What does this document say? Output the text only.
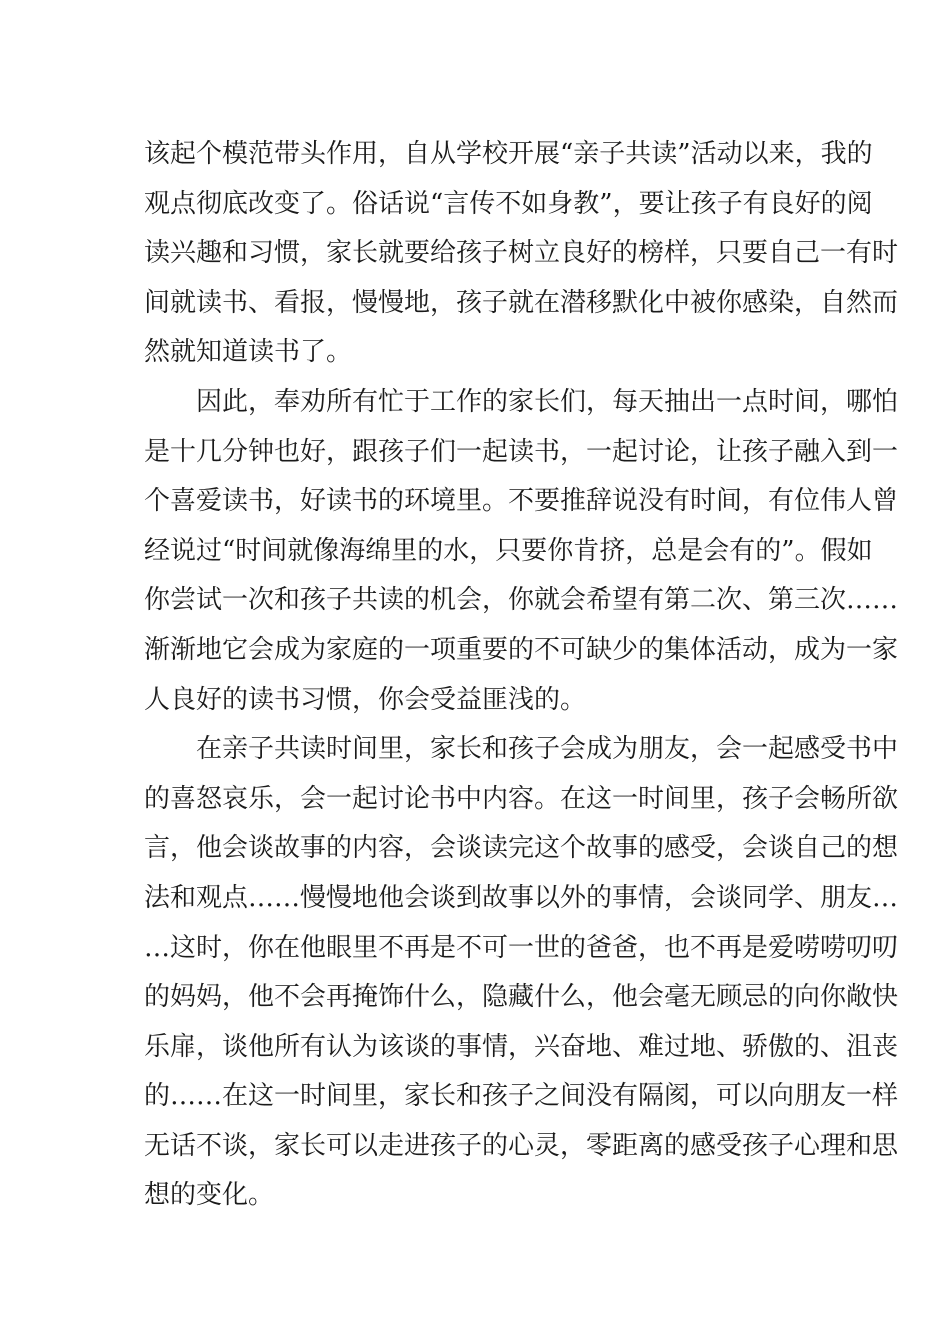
该起个模范带头作用，自从学校开展“亲子共读”活动以来，我的
观点彻底改变了。俗话说“言传不如身教”，要让孩子有良好的阅
读兴趣和习惯，家长就要给孩子树立良好的榜样，只要自己一有时
间就读书、看报，慢慢地，孩子就在潜移默化中被你感染，自然而
然就知道读书了。
因此，奉劝所有忙于工作的家长们，每天抽出一点时间，哪怕
是十几分钟也好，跟孩子们一起读书，一起讨论，让孩子融入到一
个喜爱读书，好读书的环境里。不要推辞说没有时间，有位伟人曾
经说过“时间就像海绵里的水，只要你肯挤，总是会有的”。假如
你尝试一次和孩子共读的机会，你就会希望有第二次、第三次……
渐渐地它会成为家庭的一项重要的不可缺少的集体活动，成为一家
人良好的读书习惯，你会受益匪浅的。
在亲子共读时间里，家长和孩子会成为朋友，会一起感受书中
的喜怒哀乐，会一起讨论书中内容。在这一时间里，孩子会畅所欲
言，他会谈故事的内容，会谈读完这个故事的感受，会谈自己的想
法和观点……慢慢地他会谈到故事以外的事情，会谈同学、朋友…
…这时，你在他眼里不再是不可一世的爸爸，也不再是爱唠唠叨叨
的妈妈，他不会再掩饰什么，隐藏什么，他会毫无顾忌的向你敞快
乐扉，谈他所有认为该谈的事情，兴奋地、难过地、骄傲的、沮丧
的……在这一时间里，家长和孩子之间没有隔阂，可以向朋友一样
无话不谈，家长可以走进孩子的心灵，零距离的感受孩子心理和思
想的变化。
